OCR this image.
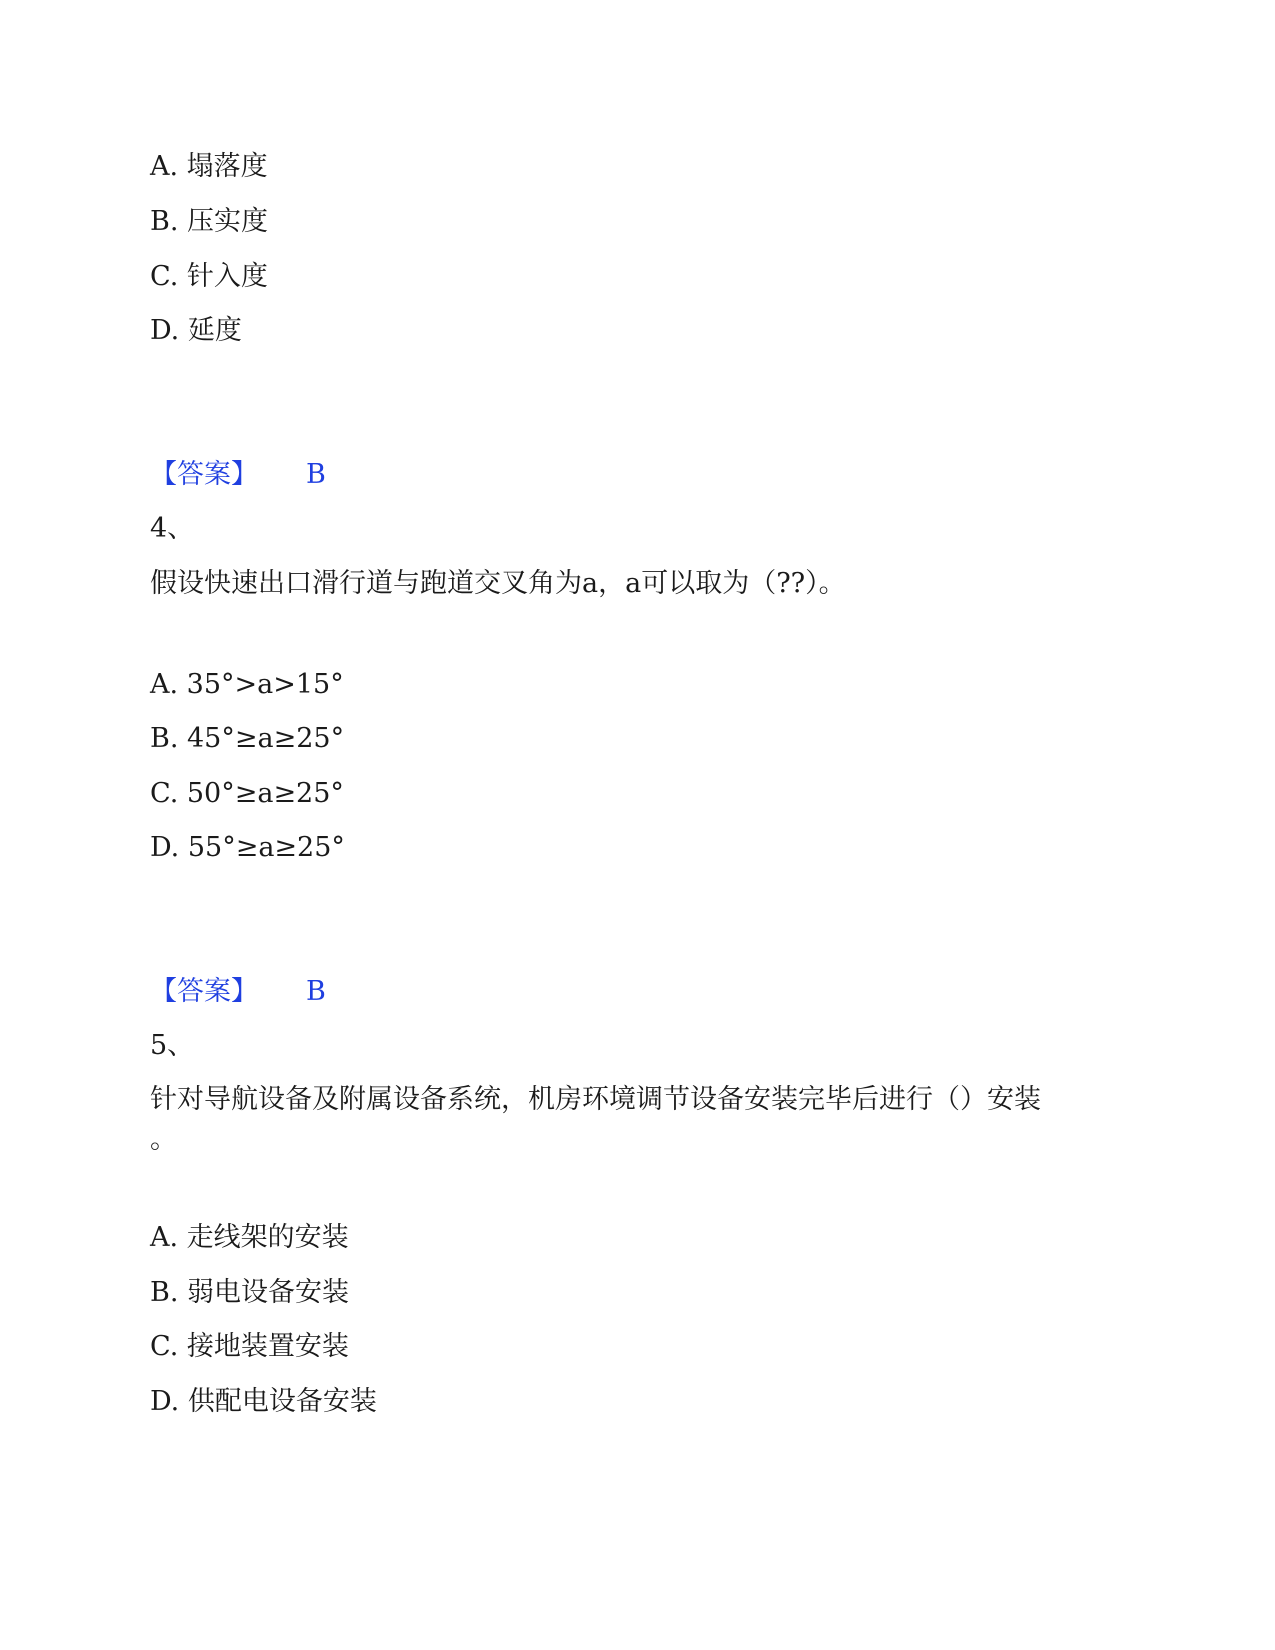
A. 塌落度
B. 压实度
C. 针入度
D. 延度
【答案】 B
4、
假设快速出口滑行道与跑道交叉角为a，a可以取为（??）。
A. 35°>a>15°
B. 45°≥a≥25°
C. 50°≥a≥25°
D. 55°≥a≥25°
【答案】 B
5、
针对导航设备及附属设备系统，机房环境调节设备安装完毕后进行（）安装
。
A. 走线架的安装
B. 弱电设备安装
C. 接地装置安装
D. 供配电设备安装
